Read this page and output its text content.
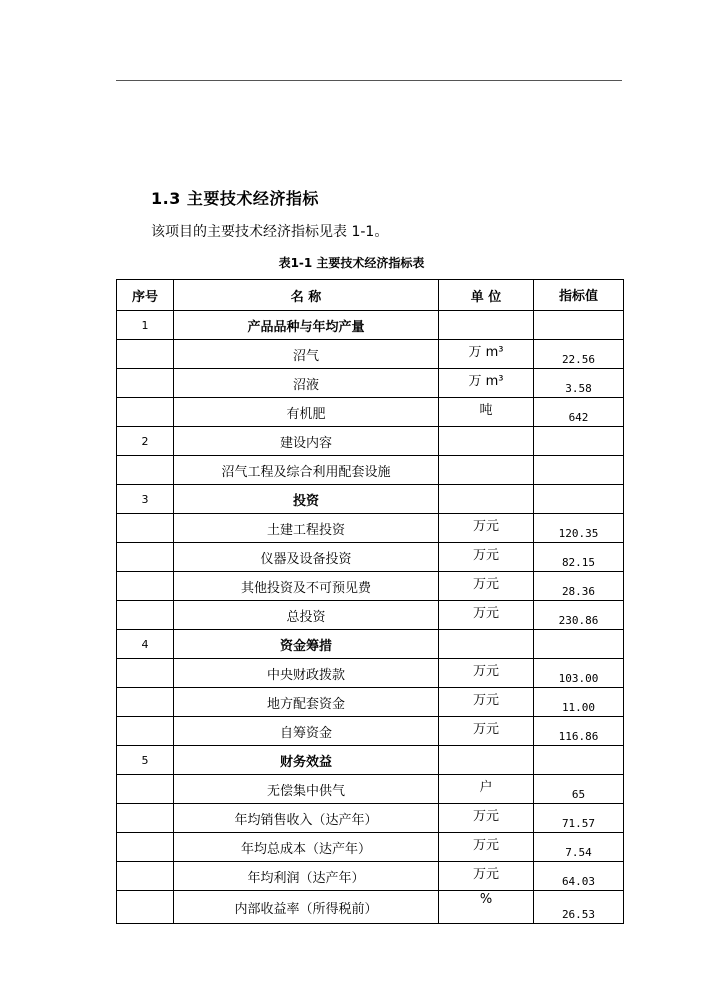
1.3 主要技术经济指标
该项目的主要技术经济指标见表 1-1。
表1-1 主要技术经济指标表
序号	名 称	单 位	指标值
1	产品品种与年均产量		
	沼气	万 m³	22.56
	沼液	万 m³	3.58
	有机肥	吨	642
2	建设内容		
	沼气工程及综合利用配套设施		
3	投资		
	土建工程投资	万元	120.35
	仪器及设备投资	万元	82.15
	其他投资及不可预见费	万元	28.36
	总投资	万元	230.86
4	资金筹措		
	中央财政拨款	万元	103.00
	地方配套资金	万元	11.00
	自筹资金	万元	116.86
5	财务效益		
	无偿集中供气	户	65
	年均销售收入（达产年）	万元	71.57
	年均总成本（达产年）	万元	7.54
	年均利润（达产年）	万元	64.03
	内部收益率（所得税前）	%	26.53
